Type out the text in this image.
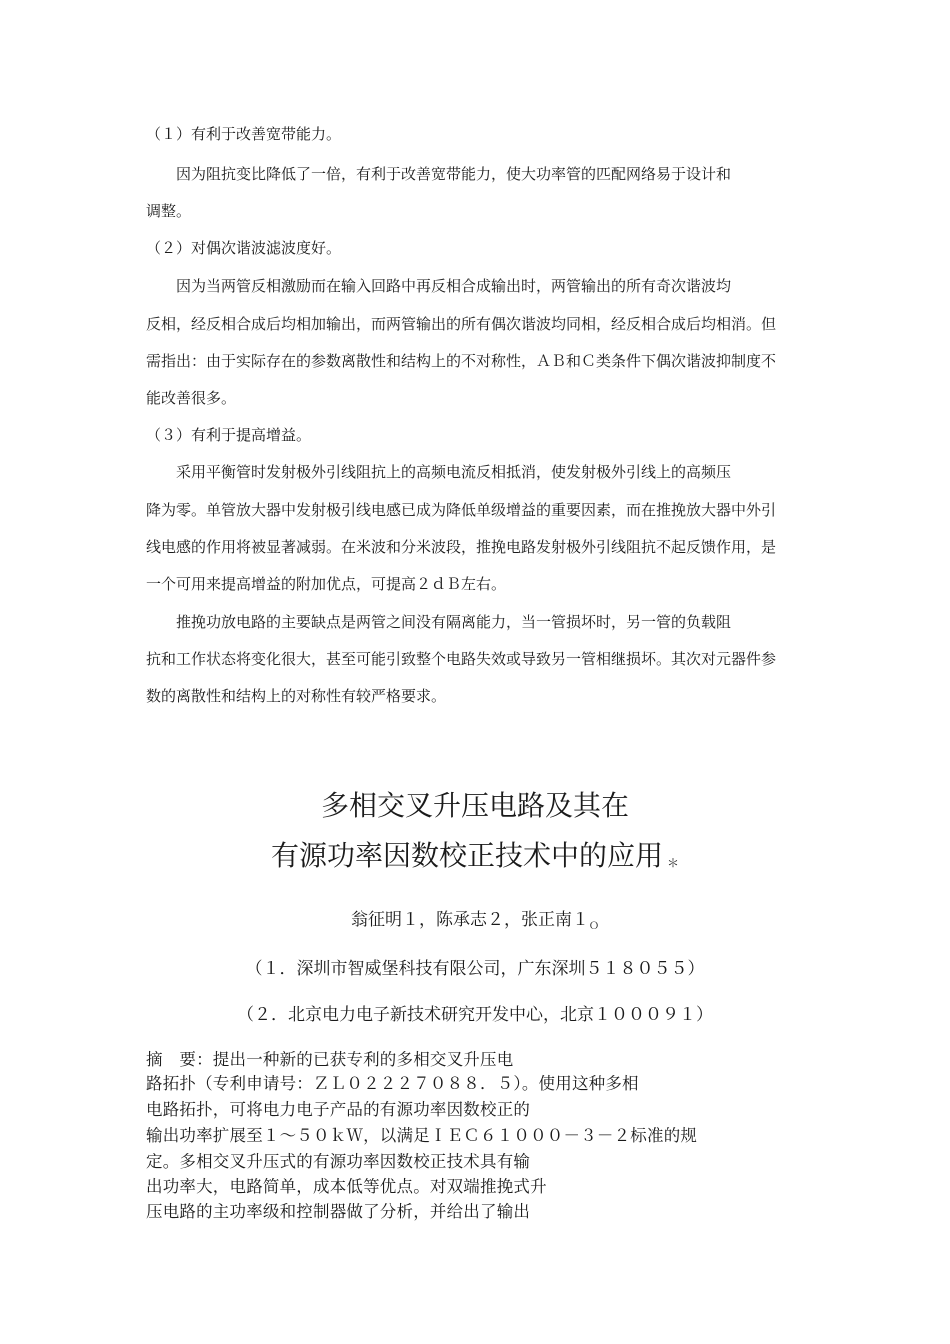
（１）有利于改善宽带能力。
　　因为阻抗变比降低了一倍，有利于改善宽带能力，使大功率管的匹配网络易于设计和
调整。
（２）对偶次谐波滤波度好。
　　因为当两管反相激励而在输入回路中再反相合成输出时，两管输出的所有奇次谐波均
反相，经反相合成后均相加输出，而两管输出的所有偶次谐波均同相，经反相合成后均相消。但
需指出：由于实际存在的参数离散性和结构上的不对称性，ＡＢ和Ｃ类条件下偶次谐波抑制度不
能改善很多。
（３）有利于提高增益。
　　采用平衡管时发射极外引线阻抗上的高频电流反相抵消，使发射极外引线上的高频压
降为零。单管放大器中发射极引线电感已成为降低单级增益的重要因素，而在推挽放大器中外引
线电感的作用将被显著减弱。在米波和分米波段，推挽电路发射极外引线阻抗不起反馈作用，是
一个可用来提高增益的附加优点，可提高２ｄＢ左右。
　　推挽功放电路的主要缺点是两管之间没有隔离能力，当一管损坏时，另一管的负载阻
抗和工作状态将变化很大，甚至可能引致整个电路失效或导致另一管相继损坏。其次对元器件参
数的离散性和结构上的对称性有较严格要求。
多相交叉升压电路及其在
有源功率因数校正技术中的应用 ＊
翁征明１，陈承志２，张正南$1_O$
（１．深圳市智威堡科技有限公司，广东深圳５１８０５５）
（２．北京电力电子新技术研究开发中心，北京１０００９１）
摘　要：提出一种新的已获专利的多相交叉升压电
路拓扑（专利申请号：ＺＬ０２２２７０８８．５）。使用这种多相
电路拓扑，可将电力电子产品的有源功率因数校正的
输出功率扩展至１～５０ｋＷ，以满足ＩＥＣ６１０００－３－２标准的规
定。多相交叉升压式的有源功率因数校正技术具有输
出功率大，电路简单，成本低等优点。对双端推挽式升
压电路的主功率级和控制器做了分析，并给出了输出
